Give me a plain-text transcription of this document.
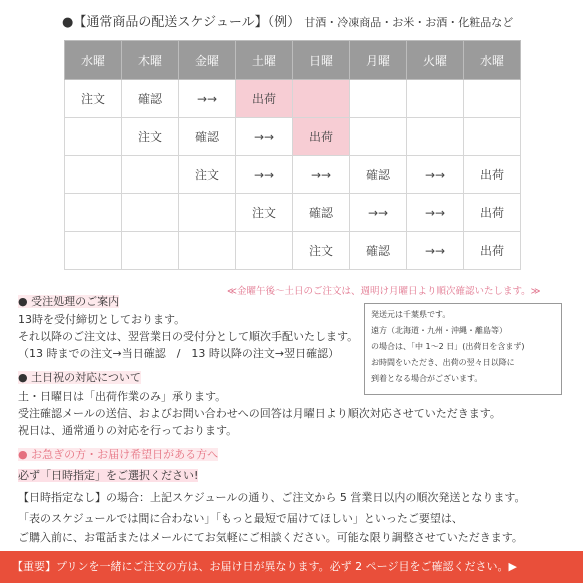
●【通常商品の配送スケジュール】（例） 甘酒・冷凍商品・お米・お酒・化粧品など
水曜	木曜	金曜	土曜	日曜	月曜	火曜	水曜
注文	確認	→→	出荷				
	注文	確認	→→	出荷			
		注文	→→	→→	確認	→→	出荷
			注文	確認	→→	→→	出荷
				注文	確認	→→	出荷
≪金曜午後～土日のご注文は、週明け月曜日より順次確認いたします。≫
● 受注処理のご案内
13時を受付締切としております。
それ以降のご注文は、翌営業日の受付分として順次手配いたします。
（13 時までの注文→当日確認　/　13 時以降の注文→翌日確認）
発送元は千葉県です。
遠方（北海道・九州・沖縄・離島等）
の場合は、「中 1～2 日」(出荷日を含まず)
お時間をいただき、出荷の翌々日以降に
到着となる場合がございます。
● 土日祝の対応について
土・日曜日は「出荷作業のみ」承ります。
受注確認メールの送信、およびお問い合わせへの回答は月曜日より順次対応させていただきます。
祝日は、通常通りの対応を行っております。
● お急ぎの方・お届け希望日がある方へ
必ず「日時指定」をご選択ください!
【日時指定なし】の場合：上記スケジュールの通り、ご注文から 5 営業日以内の順次発送となります。
「表のスケジュールでは間に合わない」「もっと最短で届けてほしい」といったご要望は、
ご購入前に、お電話またはメールにてお気軽にご相談ください。可能な限り調整させていただきます。
【重要】プリンを一緒にご注文の方は、お届け日が異なります。必ず 2 ページ目をご確認ください。▶
